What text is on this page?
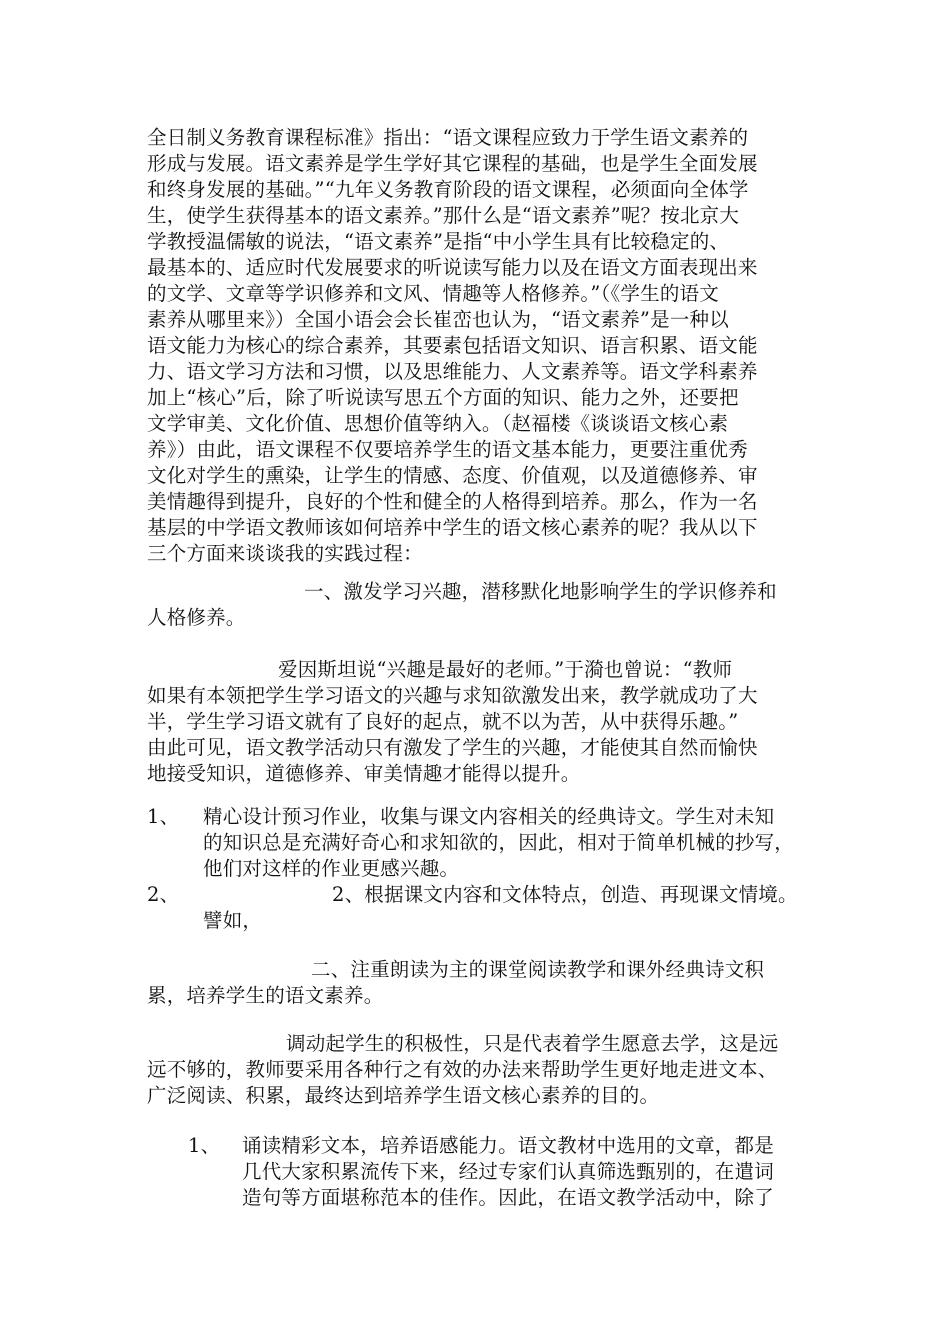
全日制义务教育课程标准》指出：“语文课程应致力于学生语文素养的
形成与发展。语文素养是学生学好其它课程的基础，也是学生全面发展
和终身发展的基础。”“九年义务教育阶段的语文课程，必须面向全体学
生，使学生获得基本的语文素养。”那什么是“语文素养”呢？按北京大
学教授温儒敏的说法，“语文素养”是指“中小学生具有比较稳定的、
最基本的、适应时代发展要求的听说读写能力以及在语文方面表现出来
的文学、文章等学识修养和文风、情趣等人格修养。”（《学生的语文
素养从哪里来》）全国小语会会长崔峦也认为，“语文素养”是一种以
语文能力为核心的综合素养，其要素包括语文知识、语言积累、语文能
力、语文学习方法和习惯，以及思维能力、人文素养等。语文学科素养
加上“核心”后，除了听说读写思五个方面的知识、能力之外，还要把
文学审美、文化价值、思想价值等纳入。（赵福楼《谈谈语文核心素
养》）由此，语文课程不仅要培养学生的语文基本能力，更要注重优秀
文化对学生的熏染，让学生的情感、态度、价值观，以及道德修养、审
美情趣得到提升，良好的个性和健全的人格得到培养。那么，作为一名
基层的中学语文教师该如何培养中学生的语文核心素养的呢？我从以下
三个方面来谈谈我的实践过程：
一、激发学习兴趣，潜移默化地影响学生的学识修养和
人格修养。
爱因斯坦说“兴趣是最好的老师。”于漪也曾说：“教师
如果有本领把学生学习语文的兴趣与求知欲激发出来，教学就成功了大
半，学生学习语文就有了良好的起点，就不以为苦，从中获得乐趣。”
由此可见，语文教学活动只有激发了学生的兴趣，才能使其自然而愉快
地接受知识，道德修养、审美情趣才能得以提升。
1、 精心设计预习作业，收集与课文内容相关的经典诗文。学生对未知
的知识总是充满好奇心和求知欲的，因此，相对于简单机械的抄写，
他们对这样的作业更感兴趣。
2、	2、根据课文内容和文体特点，创造、再现课文情境。
譬如，
二、注重朗读为主的课堂阅读教学和课外经典诗文积
累，培养学生的语文素养。
调动起学生的积极性，只是代表着学生愿意去学，这是远
远不够的，教师要采用各种行之有效的办法来帮助学生更好地走进文本、
广泛阅读、积累，最终达到培养学生语文核心素养的目的。
1、 诵读精彩文本，培养语感能力。语文教材中选用的文章，都是
几代大家积累流传下来，经过专家们认真筛选甄别的，在遣词
造句等方面堪称范本的佳作。因此，在语文教学活动中，除了
